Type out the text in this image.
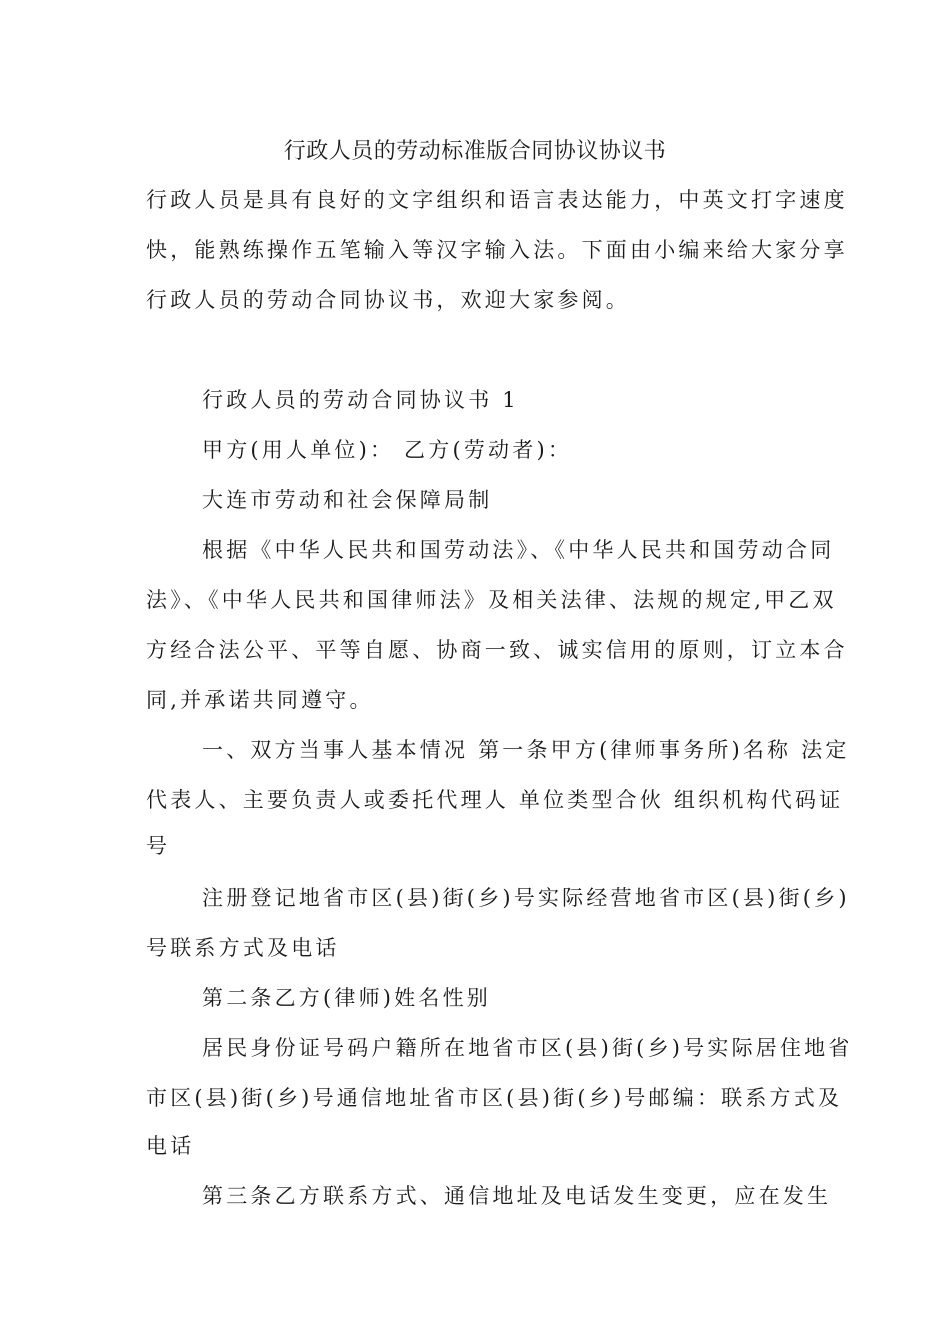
行政人员的劳动标准版合同协议协议书

行政人员是具有良好的文字组织和语言表达能力，中英文打字速度

快，能熟练操作五笔输入等汉字输入法。下面由小编来给大家分享

行政人员的劳动合同协议书，欢迎大家参阅。

行政人员的劳动合同协议书 1

甲方(用人单位)： 乙方(劳动者)：

大连市劳动和社会保障局制

根据《中华人民共和国劳动法》、《中华人民共和国劳动合同

法》、《中华人民共和国律师法》及相关法律、法规的规定,甲乙双

方经合法公平、平等自愿、协商一致、诚实信用的原则，订立本合

同,并承诺共同遵守。

一、双方当事人基本情况 第一条甲方(律师事务所)名称 法定

代表人、主要负责人或委托代理人 单位类型合伙 组织机构代码证

号

注册登记地省市区(县)街(乡)号实际经营地省市区(县)街(乡)

号联系方式及电话

第二条乙方(律师)姓名性别

居民身份证号码户籍所在地省市区(县)街(乡)号实际居住地省

市区(县)街(乡)号通信地址省市区(县)街(乡)号邮编：联系方式及

电话

第三条乙方联系方式、通信地址及电话发生变更，应在发生
